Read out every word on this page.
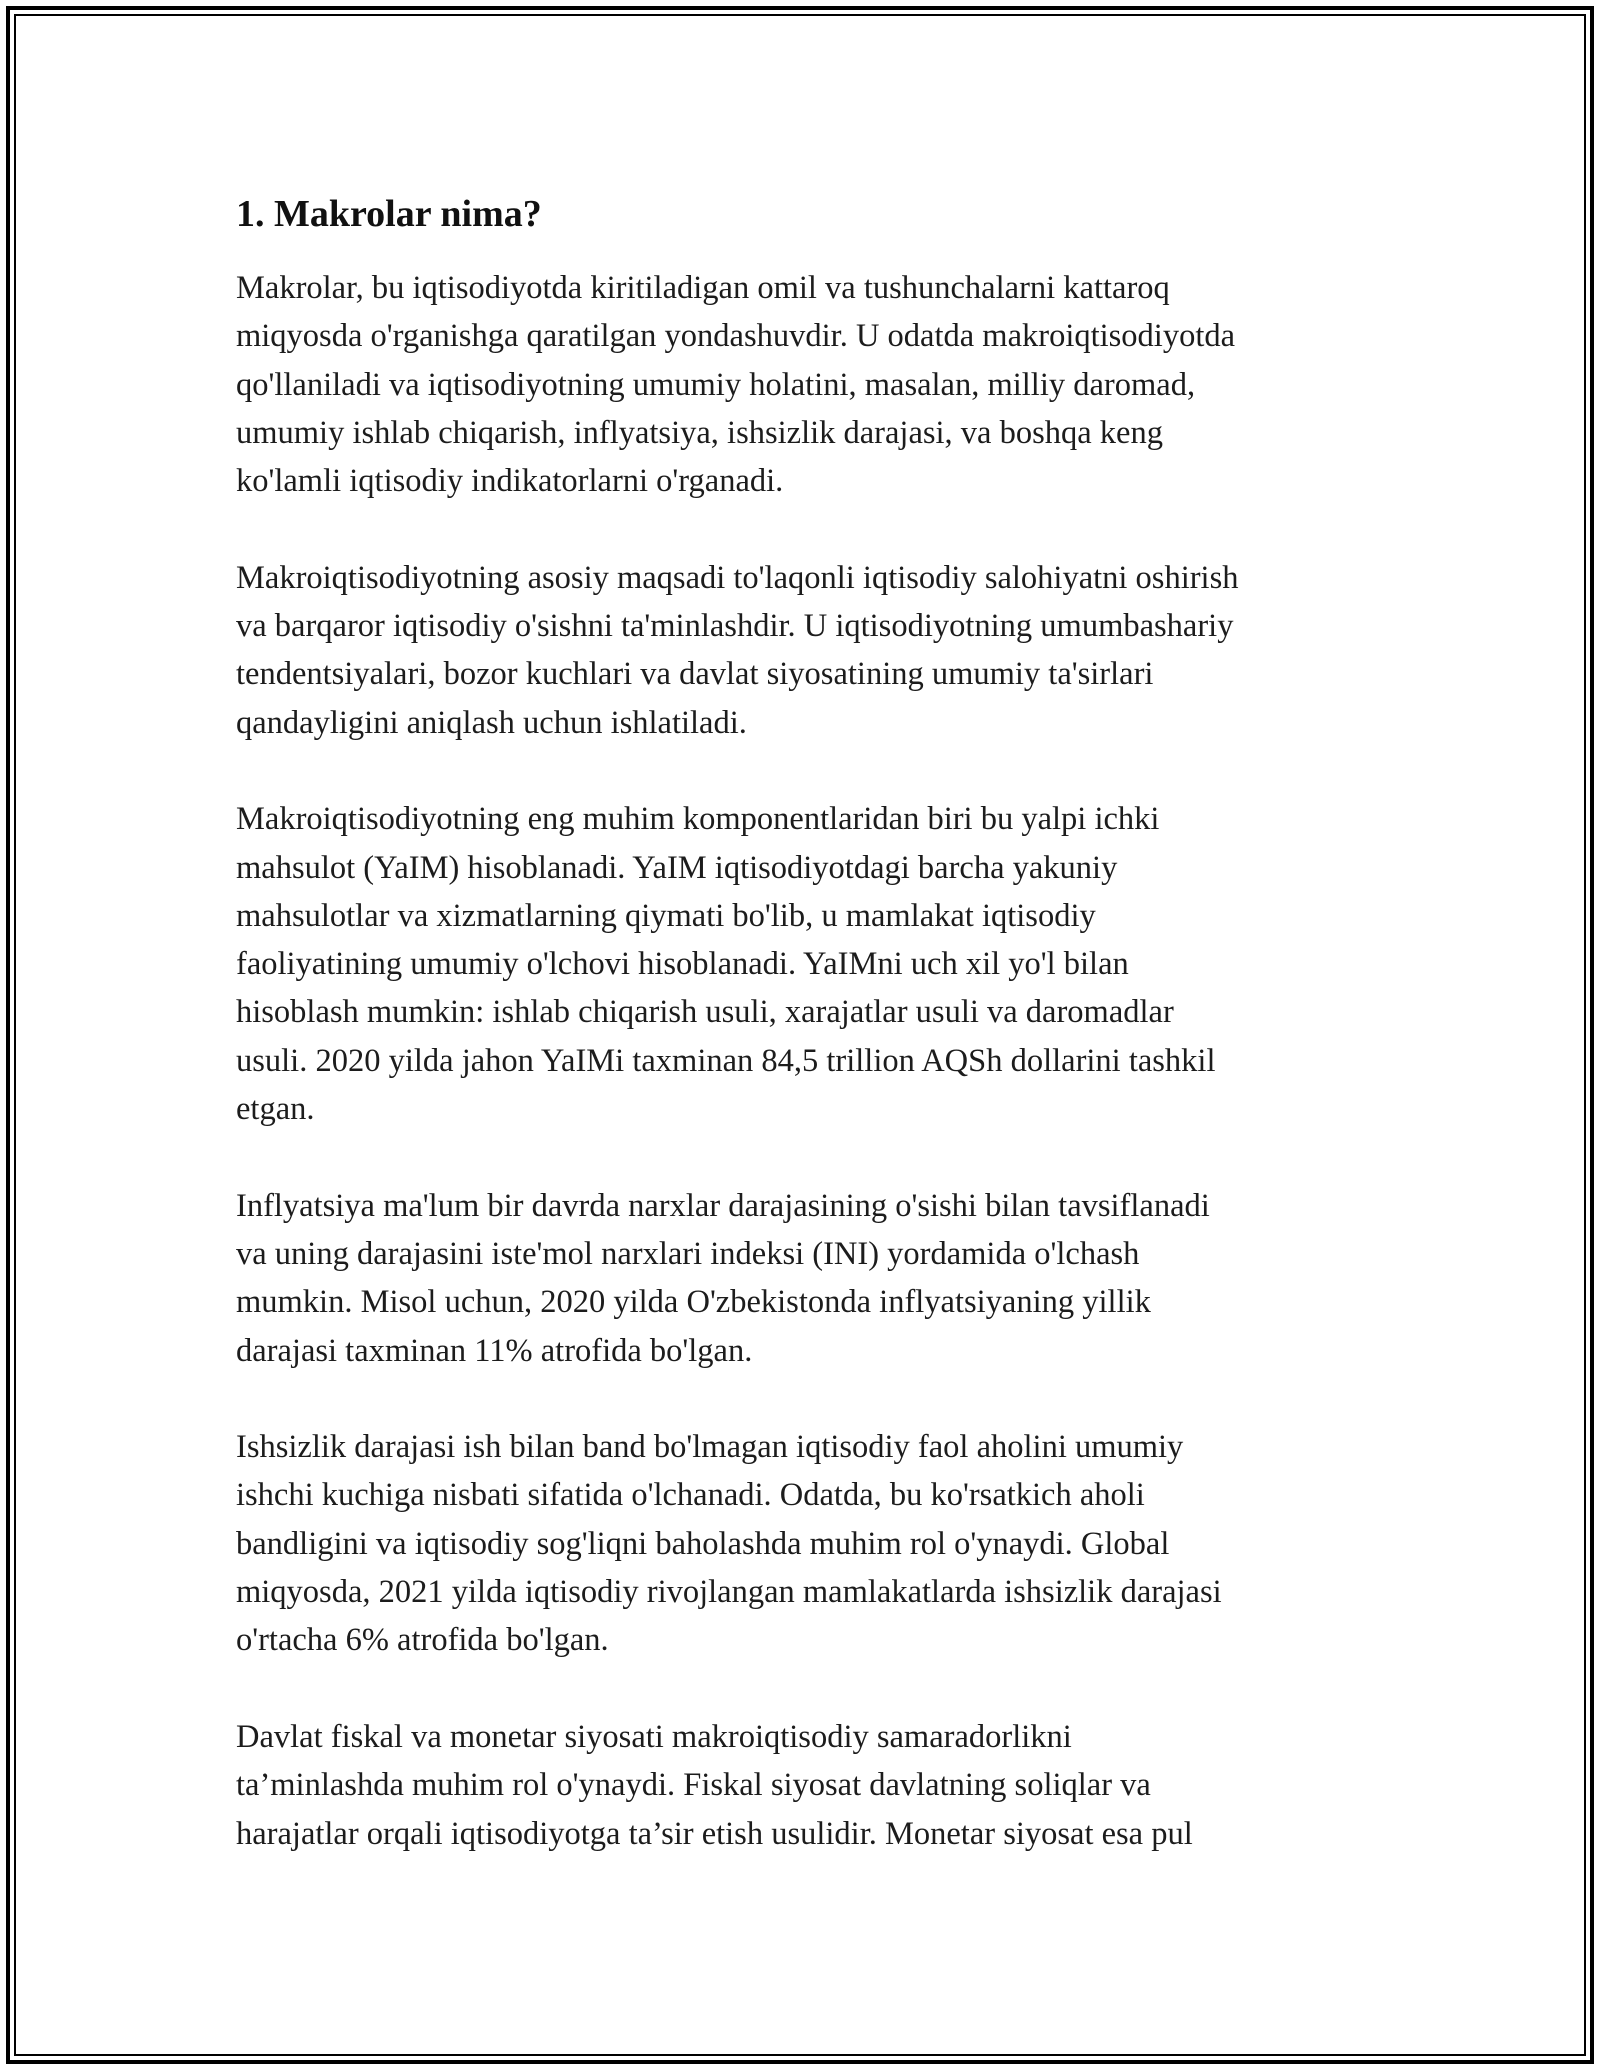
1. Makrolar nima?

Makrolar, bu iqtisodiyotda kiritiladigan omil va tushunchalarni kattaroq
miqyosda o'rganishga qaratilgan yondashuvdir. U odatda makroiqtisodiyotda
qo'llaniladi va iqtisodiyotning umumiy holatini, masalan, milliy daromad,
umumiy ishlab chiqarish, inflyatsiya, ishsizlik darajasi, va boshqa keng
ko'lamli iqtisodiy indikatorlarni o'rganadi.

Makroiqtisodiyotning asosiy maqsadi to'laqonli iqtisodiy salohiyatni oshirish
va barqaror iqtisodiy o'sishni ta'minlashdir. U iqtisodiyotning umumbashariy
tendentsiyalari, bozor kuchlari va davlat siyosatining umumiy ta'sirlari
qandayligini aniqlash uchun ishlatiladi.

Makroiqtisodiyotning eng muhim komponentlaridan biri bu yalpi ichki
mahsulot (YaIM) hisoblanadi. YaIM iqtisodiyotdagi barcha yakuniy
mahsulotlar va xizmatlarning qiymati bo'lib, u mamlakat iqtisodiy
faoliyatining umumiy o'lchovi hisoblanadi. YaIMni uch xil yo'l bilan
hisoblash mumkin: ishlab chiqarish usuli, xarajatlar usuli va daromadlar
usuli. 2020 yilda jahon YaIMi taxminan 84,5 trillion AQSh dollarini tashkil
etgan.

Inflyatsiya ma'lum bir davrda narxlar darajasining o'sishi bilan tavsiflanadi
va uning darajasini iste'mol narxlari indeksi (INI) yordamida o'lchash
mumkin. Misol uchun, 2020 yilda O'zbekistonda inflyatsiyaning yillik
darajasi taxminan 11% atrofida bo'lgan.

Ishsizlik darajasi ish bilan band bo'lmagan iqtisodiy faol aholini umumiy
ishchi kuchiga nisbati sifatida o'lchanadi. Odatda, bu ko'rsatkich aholi
bandligini va iqtisodiy sog'liqni baholashda muhim rol o'ynaydi. Global
miqyosda, 2021 yilda iqtisodiy rivojlangan mamlakatlarda ishsizlik darajasi
o'rtacha 6% atrofida bo'lgan.

Davlat fiskal va monetar siyosati makroiqtisodiy samaradorlikni
ta’minlashda muhim rol o'ynaydi. Fiskal siyosat davlatning soliqlar va
harajatlar orqali iqtisodiyotga ta’sir etish usulidir. Monetar siyosat esa pul
